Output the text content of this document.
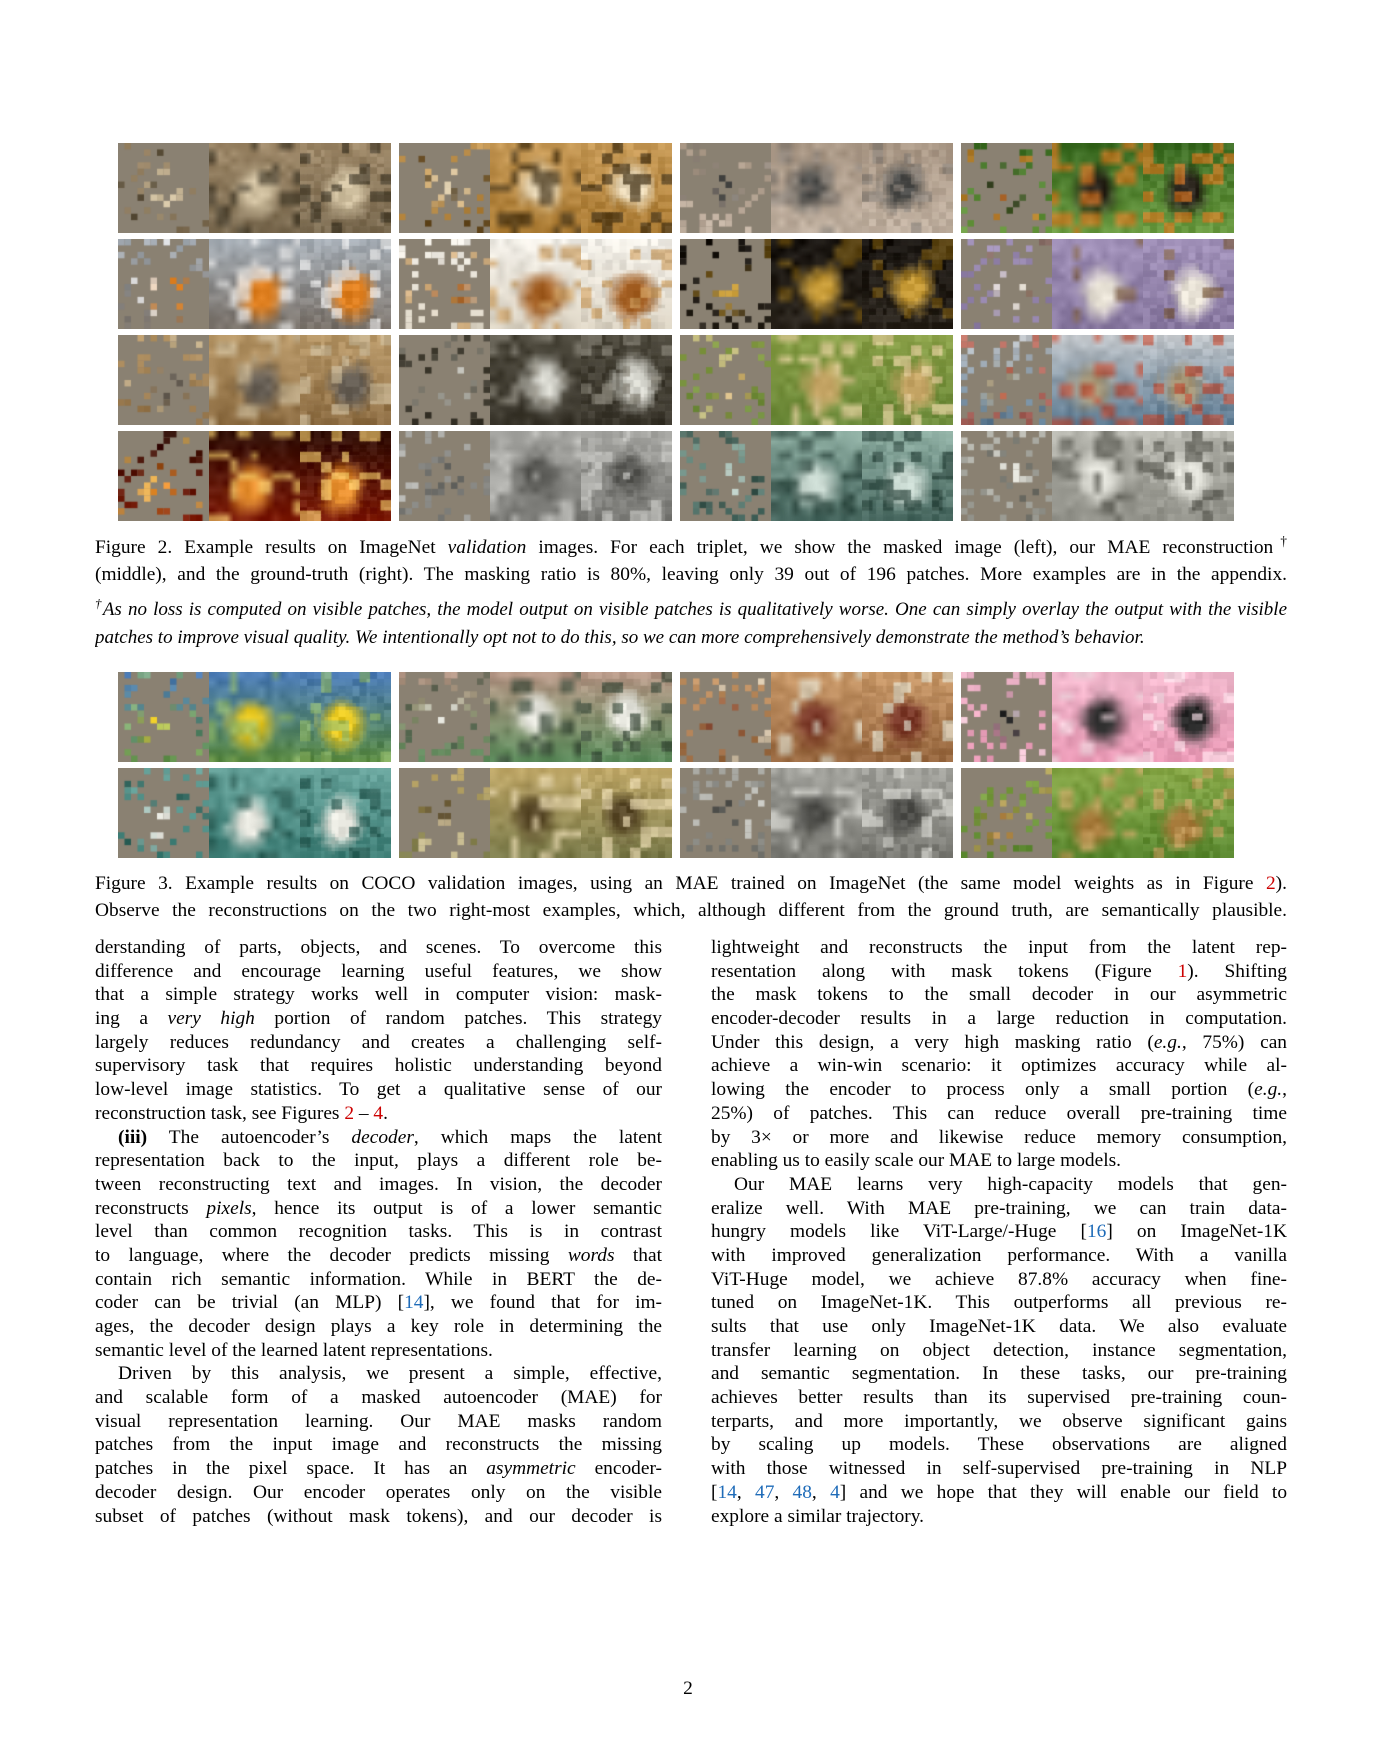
Figure 2. Example results on ImageNet validation images. For each triplet, we show the masked image (left), our MAE reconstruction†
(middle), and the ground-truth (right). The masking ratio is 80%, leaving only 39 out of 196 patches. More examples are in the appendix.
†As no loss is computed on visible patches, the model output on visible patches is qualitatively worse. One can simply overlay the output with the visible
patches to improve visual quality. We intentionally opt not to do this, so we can more comprehensively demonstrate the method’s behavior.
Figure 3. Example results on COCO validation images, using an MAE trained on ImageNet (the same model weights as in Figure 2).
Observe the reconstructions on the two right-most examples, which, although different from the ground truth, are semantically plausible.
derstanding of parts, objects, and scenes. To overcome this
difference and encourage learning useful features, we show
that a simple strategy works well in computer vision: mask-
ing a very high portion of random patches. This strategy
largely reduces redundancy and creates a challenging self-
supervisory task that requires holistic understanding beyond
low-level image statistics. To get a qualitative sense of our
reconstruction task, see Figures 2 – 4.
(iii) The autoencoder’s decoder, which maps the latent
representation back to the input, plays a different role be-
tween reconstructing text and images. In vision, the decoder
reconstructs pixels, hence its output is of a lower semantic
level than common recognition tasks. This is in contrast
to language, where the decoder predicts missing words that
contain rich semantic information. While in BERT the de-
coder can be trivial (an MLP) [14], we found that for im-
ages, the decoder design plays a key role in determining the
semantic level of the learned latent representations.
Driven by this analysis, we present a simple, effective,
and scalable form of a masked autoencoder (MAE) for
visual representation learning. Our MAE masks random
patches from the input image and reconstructs the missing
patches in the pixel space. It has an asymmetric encoder-
decoder design. Our encoder operates only on the visible
subset of patches (without mask tokens), and our decoder is
lightweight and reconstructs the input from the latent rep-
resentation along with mask tokens (Figure 1). Shifting
the mask tokens to the small decoder in our asymmetric
encoder-decoder results in a large reduction in computation.
Under this design, a very high masking ratio (e.g., 75%) can
achieve a win-win scenario: it optimizes accuracy while al-
lowing the encoder to process only a small portion (e.g.,
25%) of patches. This can reduce overall pre-training time
by 3× or more and likewise reduce memory consumption,
enabling us to easily scale our MAE to large models.
Our MAE learns very high-capacity models that gen-
eralize well. With MAE pre-training, we can train data-
hungry models like ViT-Large/-Huge [16] on ImageNet-1K
with improved generalization performance. With a vanilla
ViT-Huge model, we achieve 87.8% accuracy when fine-
tuned on ImageNet-1K. This outperforms all previous re-
sults that use only ImageNet-1K data. We also evaluate
transfer learning on object detection, instance segmentation,
and semantic segmentation. In these tasks, our pre-training
achieves better results than its supervised pre-training coun-
terparts, and more importantly, we observe significant gains
by scaling up models. These observations are aligned
with those witnessed in self-supervised pre-training in NLP
[14, 47, 48, 4] and we hope that they will enable our field to
explore a similar trajectory.
2
